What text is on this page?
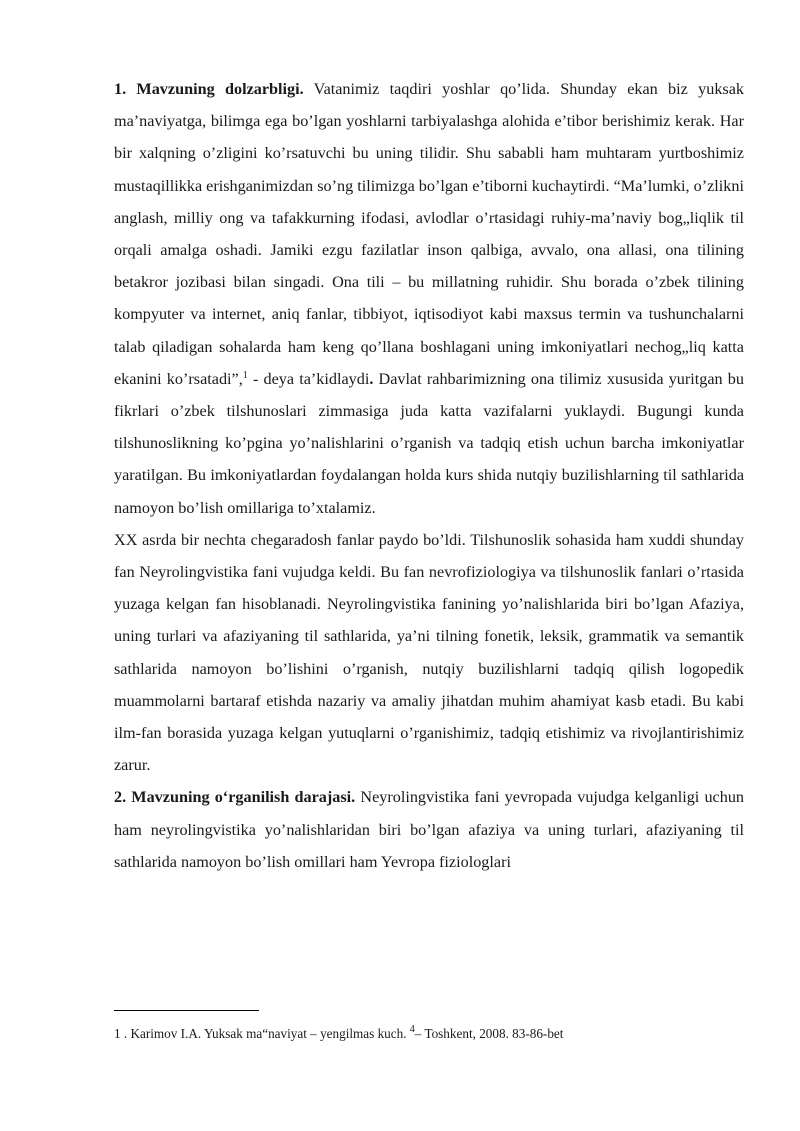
1. Mavzuning dolzarbligi. Vatanimiz taqdiri yoshlar qo’lida. Shunday ekan biz yuksak ma’naviyatga, bilimga ega bo’lgan yoshlarni tarbiyalashga alohida e’tibor berishimiz kerak. Har bir xalqning o’zligini ko’rsatuvchi bu uning tilidir. Shu sababli ham muhtaram yurtboshimiz mustaqillikka erishganimizdan so’ng tilimizga bo’lgan e’tiborni kuchaytirdi. “Ma’lumki, o’zlikni anglash, milliy ong va tafakkurning ifodasi, avlodlar o’rtasidagi ruhiy-ma’naviy bog„liqlik til orqali amalga oshadi. Jamiki ezgu fazilatlar inson qalbiga, avvalo, ona allasi, ona tilining betakror jozibasi bilan singadi. Ona tili – bu millatning ruhidir. Shu borada o’zbek tilining kompyuter va internet, aniq fanlar, tibbiyot, iqtisodiyot kabi maxsus termin va tushunchalarni talab qiladigan sohalarda ham keng qo’llana boshlagani uning imkoniyatlari nechog„liq katta ekanini ko’rsatadi”,$^1$ - deya ta’kidlaydi. Davlat rahbarimizning ona tilimiz xususida yuritgan bu fikrlari o’zbek tilshunoslari zimmasiga juda katta vazifalarni yuklaydi. Bugungi kunda tilshunoslikning ko’pgina yo’nalishlarini o’rganish va tadqiq etish uchun barcha imkoniyatlar yaratilgan. Bu imkoniyatlardan foydalangan holda kurs shida nutqiy buzilishlarning til sathlarida namoyon bo’lish omillariga to’xtalamiz.

XX asrda bir nechta chegaradosh fanlar paydo bo’ldi. Tilshunoslik sohasida ham xuddi shunday fan Neyrolingvistika fani vujudga keldi. Bu fan nevrofiziologiya va tilshunoslik fanlari o’rtasida yuzaga kelgan fan hisoblanadi. Neyrolingvistika fanining yo’nalishlarida biri bo’lgan Afaziya, uning turlari va afaziyaning til sathlarida, ya’ni tilning fonetik, leksik, grammatik va semantik sathlarida namoyon bo’lishini o’rganish, nutqiy buzilishlarni tadqiq qilish logopedik muammolarni bartaraf etishda nazariy va amaliy jihatdan muhim ahamiyat kasb etadi. Bu kabi ilm-fan borasida yuzaga kelgan yutuqlarni o’rganishimiz, tadqiq etishimiz va rivojlantirishimiz zarur.

2. Mavzuning o‘rganilish darajasi. Neyrolingvistika fani yevropada vujudga kelganligi uchun ham neyrolingvistika yo’nalishlaridan biri bo’lgan afaziya va uning turlari, afaziyaning til sathlarida namoyon bo’lish omillari ham Yevropa fiziologlari

1 . Karimov I.A. Yuksak ma“naviyat – yengilmas kuch. $^4$– Toshkent, 2008. 83-86-bet
